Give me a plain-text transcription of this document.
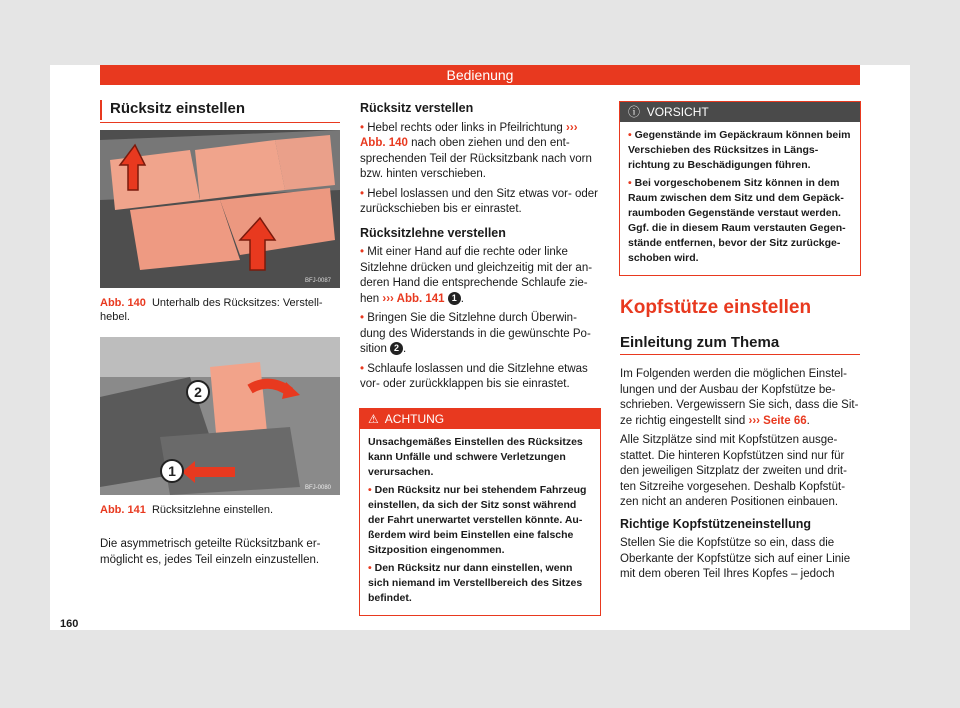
Bedienung
Rücksitz einstellen
BFJ-0087
Abb. 140 Unterhalb des Rücksitzes: Verstell-hebel.
2
1
BFJ-0080
Abb. 141 Rücksitzlehne einstellen.
Die asymmetrisch geteilte Rücksitzbank er-möglicht es, jedes Teil einzeln einzustellen.
Rücksitz verstellen

• Hebel rechts oder links in Pfeilrichtung ››› Abb. 140 nach oben ziehen und den ent-sprechenden Teil der Rücksitzbank nach vorn bzw. hinten verschieben.

• Hebel loslassen und den Sitz etwas vor- oder zurückschieben bis er einrastet.

Rücksitzlehne verstellen

• Mit einer Hand auf die rechte oder linke Sitzlehne drücken und gleichzeitig mit der an-deren Hand die entsprechende Schlaufe zie-hen ››› Abb. 141 1 .

• Bringen Sie die Sitzlehne durch Überwin-dung des Widerstands in die gewünschte Po-sition 2 .

• Schlaufe loslassen und die Sitzlehne etwas vor- oder zurückklappen bis sie einrastet.

⚠ ACHTUNG

Unsachgemäßes Einstellen des Rücksitzes kann Unfälle und schwere Verletzungen verursachen.

• Den Rücksitz nur bei stehendem Fahrzeug einstellen, da sich der Sitz sonst während der Fahrt unerwartet verstellen könnte. Au-ßerdem wird beim Einstellen eine falsche Sitzposition eingenommen.

• Den Rücksitz nur dann einstellen, wenn sich niemand im Verstellbereich des Sitzes befindet.

ⓘ VORSICHT

• Gegenstände im Gepäckraum können beim Verschieben des Rücksitzes in Längs-richtung zu Beschädigungen führen.

• Bei vorgeschobenem Sitz können in dem Raum zwischen dem Sitz und dem Gepäck-raumboden Gegenstände verstaut werden. Ggf. die in diesem Raum verstauten Gegen-stände entfernen, bevor der Sitz zurückge-schoben wird.

Kopfstütze einstellen
Einleitung zum Thema

Im Folgenden werden die möglichen Einstel-lungen und der Ausbau der Kopfstütze be-schrieben. Vergewissern Sie sich, dass die Sit-ze richtig eingestellt sind ››› Seite 66.

Alle Sitzplätze sind mit Kopfstützen ausge-stattet. Die hinteren Kopfstützen sind nur für den jeweiligen Sitzplatz der zweiten und drit-ten Sitzreihe vorgesehen. Deshalb Kopfstüt-zen nicht an anderen Positionen einbauen.

Richtige Kopfstützeneinstellung

Stellen Sie die Kopfstütze so ein, dass die Oberkante der Kopfstütze sich auf einer Linie mit dem oberen Teil Ihres Kopfes – jedoch

160
